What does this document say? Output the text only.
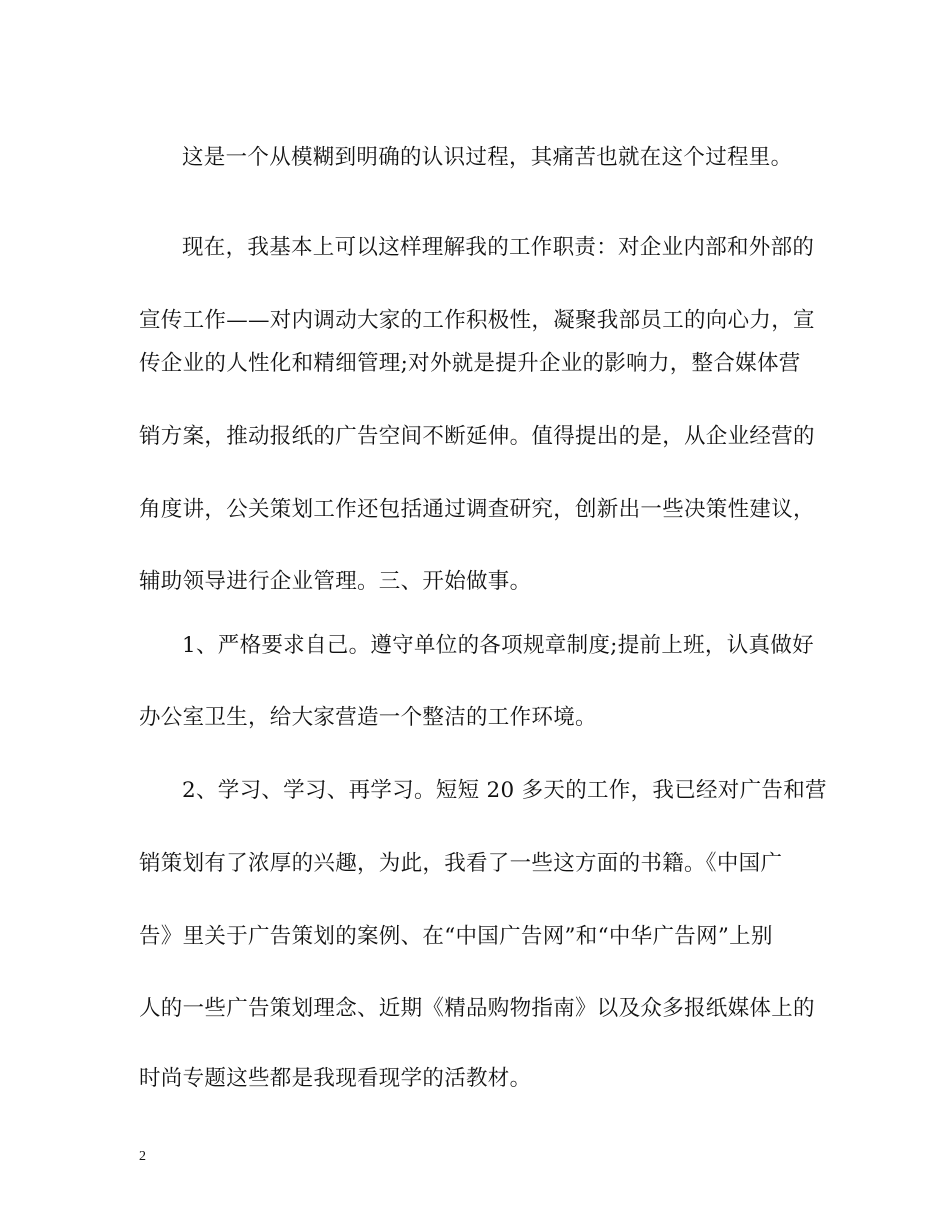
这是一个从模糊到明确的认识过程，其痛苦也就在这个过程里。
现在，我基本上可以这样理解我的工作职责：对企业内部和外部的
宣传工作——对内调动大家的工作积极性，凝聚我部员工的向心力，宣
传企业的人性化和精细管理;对外就是提升企业的影响力，整合媒体营
销方案，推动报纸的广告空间不断延伸。值得提出的是，从企业经营的
角度讲，公关策划工作还包括通过调查研究，创新出一些决策性建议，
辅助领导进行企业管理。三、开始做事。
1、严格要求自己。遵守单位的各项规章制度;提前上班，认真做好
办公室卫生，给大家营造一个整洁的工作环境。
2、学习、学习、再学习。短短 20 多天的工作，我已经对广告和营
销策划有了浓厚的兴趣，为此，我看了一些这方面的书籍。《中国广
告》里关于广告策划的案例、在“中国广告网”和“中华广告网”上别
人的一些广告策划理念、近期《精品购物指南》以及众多报纸媒体上的
时尚专题这些都是我现看现学的活教材。
2
